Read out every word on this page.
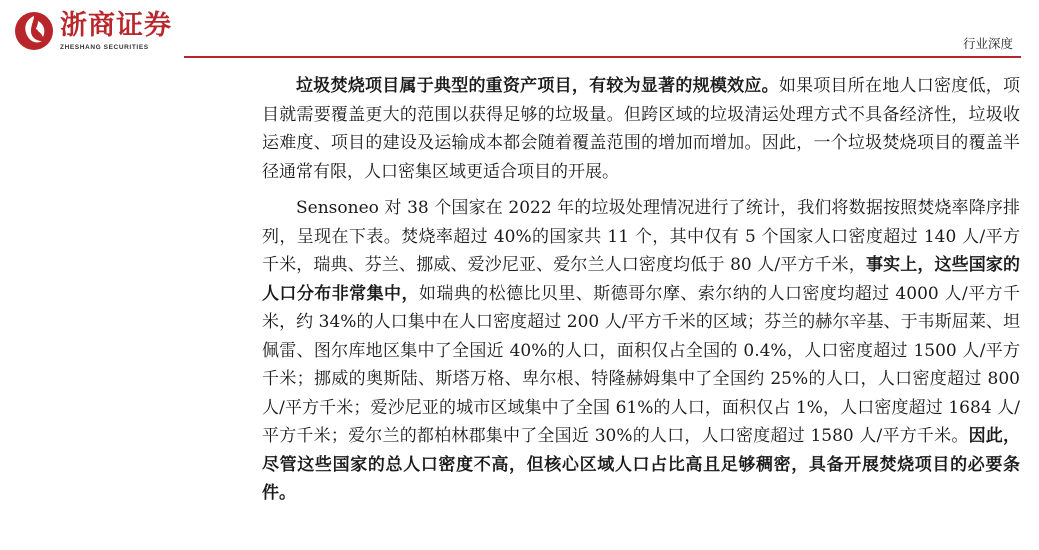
浙商证券
ZHESHANG SECURITIES	行业深度

垃圾焚烧项目属于典型的重资产项目，有较为显著的规模效应。如果项目所在地人口密度低，项目就需要覆盖更大的范围以获得足够的垃圾量。但跨区域的垃圾清运处理方式不具备经济性，垃圾收运难度、项目的建设及运输成本都会随着覆盖范围的增加而增加。因此，一个垃圾焚烧项目的覆盖半径通常有限，人口密集区域更适合项目的开展。

Sensoneo 对 38 个国家在 2022 年的垃圾处理情况进行了统计，我们将数据按照焚烧率降序排列，呈现在下表。焚烧率超过 40%的国家共 11 个，其中仅有 5 个国家人口密度超过 140 人/平方千米，瑞典、芬兰、挪威、爱沙尼亚、爱尔兰人口密度均低于 80 人/平方千米，事实上，这些国家的人口分布非常集中，如瑞典的松德比贝里、斯德哥尔摩、索尔纳的人口密度均超过 4000 人/平方千米，约 34%的人口集中在人口密度超过 200 人/平方千米的区域；芬兰的赫尔辛基、于韦斯屈莱、坦佩雷、图尔库地区集中了全国近 40%的人口，面积仅占全国的 0.4%，人口密度超过 1500 人/平方千米；挪威的奥斯陆、斯塔万格、卑尔根、特隆赫姆集中了全国约 25%的人口，人口密度超过 800 人/平方千米；爱沙尼亚的城市区域集中了全国 61%的人口，面积仅占 1%，人口密度超过 1684 人/平方千米；爱尔兰的都柏林郡集中了全国近 30%的人口，人口密度超过 1580 人/平方千米。因此，尽管这些国家的总人口密度不高，但核心区域人口占比高且足够稠密，具备开展焚烧项目的必要条件。
